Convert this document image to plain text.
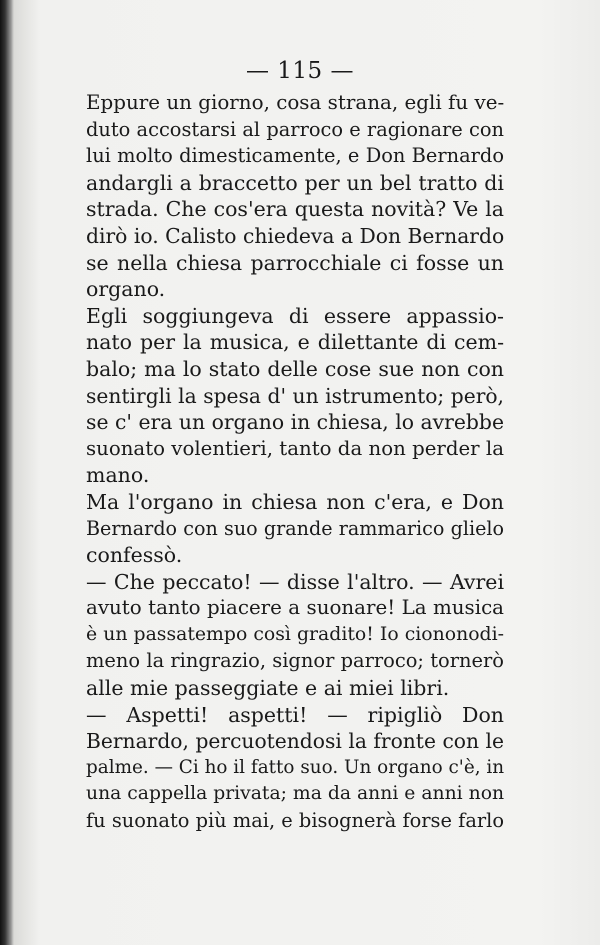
— 115 —
Eppure un giorno, cosa strana, egli fu ve-
duto accostarsi al parroco e ragionare con
lui molto dimesticamente, e Don Bernardo
andargli a braccetto per un bel tratto di
strada. Che cos'era questa novità? Ve la
dirò io. Calisto chiedeva a Don Bernardo
se nella chiesa parrocchiale ci fosse un
organo.
Egli soggiungeva di essere appassio-
nato per la musica, e dilettante di cem-
balo; ma lo stato delle cose sue non con
sentirgli la spesa d' un istrumento; però,
se c' era un organo in chiesa, lo avrebbe
suonato volentieri, tanto da non perder la
mano.
Ma l'organo in chiesa non c'era, e Don
Bernardo con suo grande rammarico glielo
confessò.
— Che peccato! — disse l'altro. — Avrei
avuto tanto piacere a suonare! La musica
è un passatempo così gradito! Io ciononodi-
meno la ringrazio, signor parroco; tornerò
alle mie passeggiate e ai miei libri.
— Aspetti! aspetti! — ripigliò Don
Bernardo, percuotendosi la fronte con le
palme. — Ci ho il fatto suo. Un organo c'è, in
una cappella privata; ma da anni e anni non
fu suonato più mai, e bisognerà forse farlo
